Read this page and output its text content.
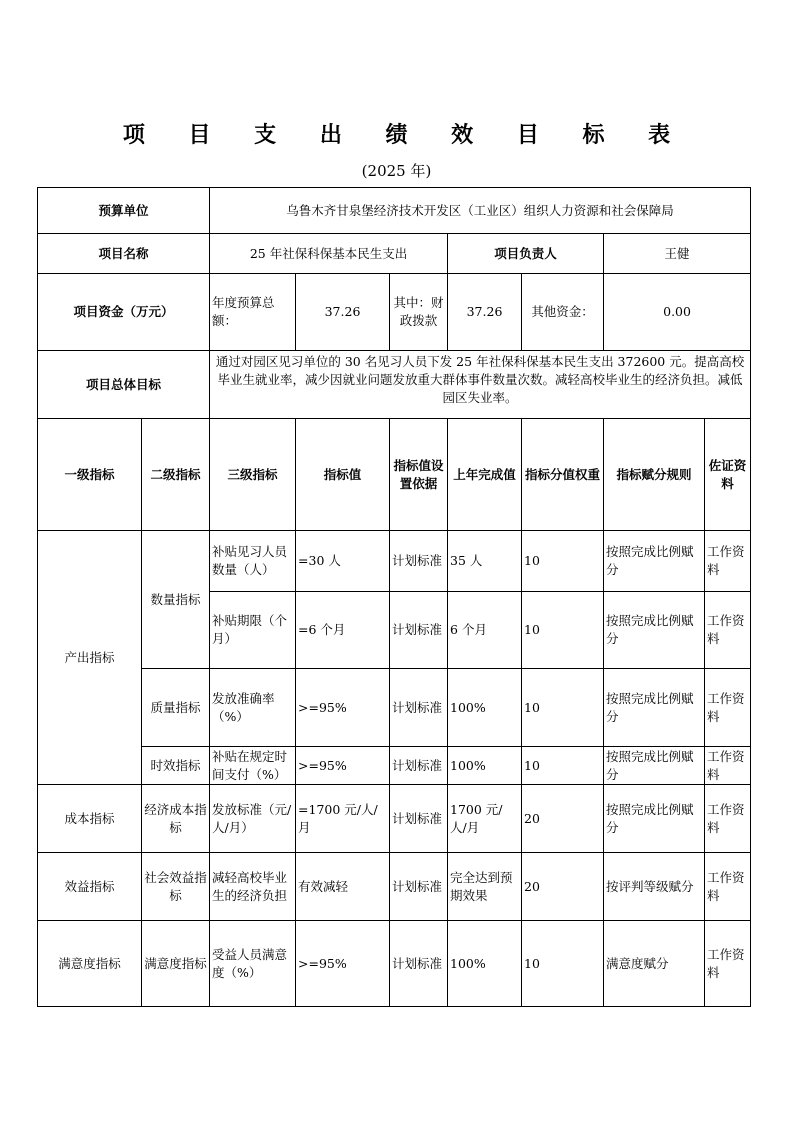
项 目 支 出 绩 效 目 标 表
(2025 年)
预算单位		乌鲁木齐甘泉堡经济技术开发区（工业区）组织人力资源和社会保障局						
项目名称		25 年社保科保基本民生支出			项目负责人		王健	
项目资金（万元）		年度预算总额：	37.26	其中：财政拨款	37.26	其他资金：	0.00	
项目总体目标		通过对园区见习单位的 30 名见习人员下发 25 年社保科保基本民生支出 372600 元。提高高校毕业生就业率，减少因就业问题发放重大群体事件数量次数。减轻高校毕业生的经济负担。减低园区失业率。						
一级指标	二级指标	三级指标	指标值	指标值设置依据	上年完成值	指标分值权重	指标赋分规则	佐证资料
产出指标	数量指标	补贴见习人员数量（人）	=30 人	计划标准	35 人	10	按照完成比例赋分	工作资料
		补贴期限（个月）	=6 个月	计划标准	6 个月	10	按照完成比例赋分	工作资料
	质量指标	发放准确率（%）	>=95%	计划标准	100%	10	按照完成比例赋分	工作资料
	时效指标	补贴在规定时间支付（%）	>=95%	计划标准	100%	10	按照完成比例赋分	工作资料
成本指标	经济成本指标	发放标准（元/人/月）	=1700 元/人/月	计划标准	1700 元/人/月	20	按照完成比例赋分	工作资料
效益指标	社会效益指标	减轻高校毕业生的经济负担	有效减轻	计划标准	完全达到预期效果	20	按评判等级赋分	工作资料
满意度指标	满意度指标	受益人员满意度（%）	>=95%	计划标准	100%	10	满意度赋分	工作资料
